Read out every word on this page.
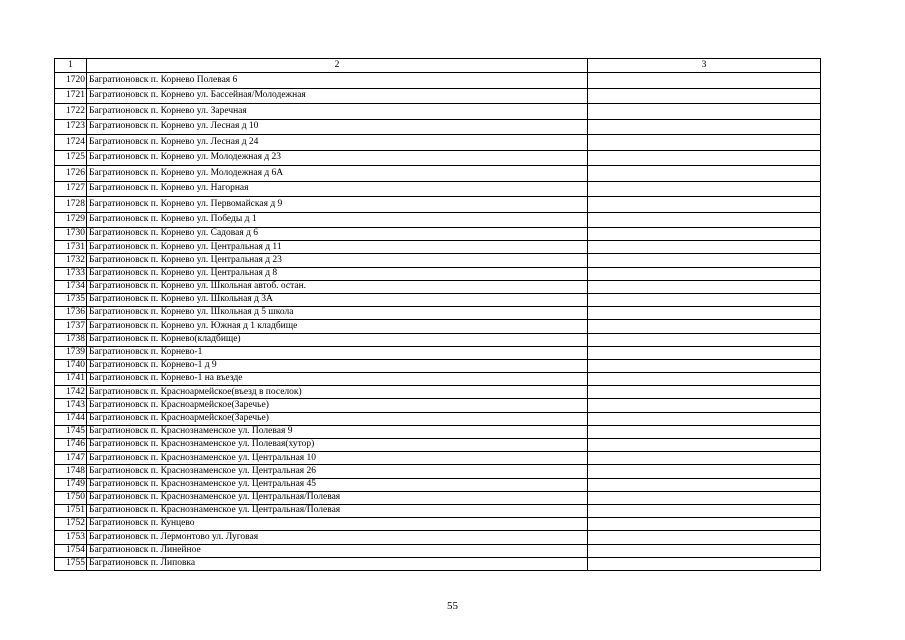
1	2	3
1720	Багратионовск п. Корнево Полевая 6	
1721	Багратионовск п. Корнево ул. Бассейная/Молодежная	
1722	Багратионовск п. Корнево ул. Заречная	
1723	Багратионовск п. Корнево ул. Лесная д 10	
1724	Багратионовск п. Корнево ул. Лесная д 24	
1725	Багратионовск п. Корнево ул. Молодежная д 23	
1726	Багратионовск п. Корнево ул. Молодежная д 6А	
1727	Багратионовск п. Корнево ул. Нагорная	
1728	Багратионовск п. Корнево ул. Первомайская д 9	
1729	Багратионовск п. Корнево ул. Победы д 1	
1730	Багратионовск п. Корнево ул. Садовая д 6	
1731	Багратионовск п. Корнево ул. Центральная д 11	
1732	Багратионовск п. Корнево ул. Центральная д 23	
1733	Багратионовск п. Корнево ул. Центральная д 8	
1734	Багратионовск п. Корнево ул. Школьная автоб. остан.	
1735	Багратионовск п. Корнево ул. Школьная д 3А	
1736	Багратионовск п. Корнево ул. Школьная д 5 школа	
1737	Багратионовск п. Корнево ул. Южная д 1 кладбище	
1738	Багратионовск п. Корнево(кладбище)	
1739	Багратионовск п. Корнево-1	
1740	Багратионовск п. Корнево-1 д 9	
1741	Багратионовск п. Корнево-1 на въезде	
1742	Багратионовск п. Красноармейское(въезд в поселок)	
1743	Багратионовск п. Красноармейское(Заречье)	
1744	Багратионовск п. Красноармейское(Заречье)	
1745	Багратионовск п. Краснознаменское ул. Полевая 9	
1746	Багратионовск п. Краснознаменское ул. Полевая(хутор)	
1747	Багратионовск п. Краснознаменское ул. Центральная 10	
1748	Багратионовск п. Краснознаменское ул. Центральная 26	
1749	Багратионовск п. Краснознаменское ул. Центральная 45	
1750	Багратионовск п. Краснознаменское ул. Центральная/Полевая	
1751	Багратионовск п. Краснознаменское ул. Центральная/Полевая	
1752	Багратионовск п. Кунцево	
1753	Багратионовск п. Лермонтово ул. Луговая	
1754	Багратионовск п. Линейное	
1755	Багратионовск п. Липовка	
55
